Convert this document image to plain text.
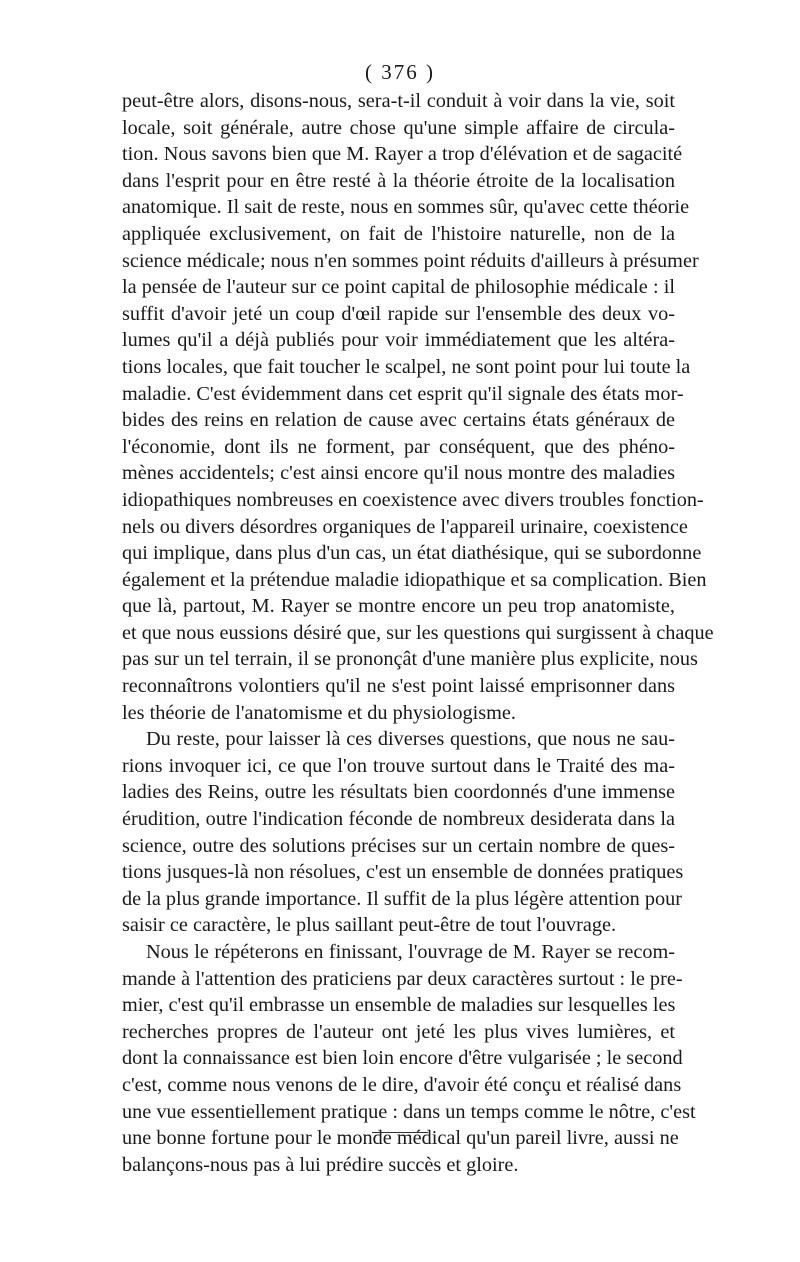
( 376 )
peut-être alors, disons-nous, sera-t-il conduit à voir dans la vie, soit
locale, soit générale, autre chose qu'une simple affaire de circula-
tion. Nous savons bien que M. Rayer a trop d'élévation et de sagacité
dans l'esprit pour en être resté à la théorie étroite de la localisation
anatomique. Il sait de reste, nous en sommes sûr, qu'avec cette théorie
appliquée exclusivement, on fait de l'histoire naturelle, non de la
science médicale; nous n'en sommes point réduits d'ailleurs à présumer
la pensée de l'auteur sur ce point capital de philosophie médicale : il
suffit d'avoir jeté un coup d'œil rapide sur l'ensemble des deux vo-
lumes qu'il a déjà publiés pour voir immédiatement que les altéra-
tions locales, que fait toucher le scalpel, ne sont point pour lui toute la
maladie. C'est évidemment dans cet esprit qu'il signale des états mor-
bides des reins en relation de cause avec certains états généraux de
l'économie, dont ils ne forment, par conséquent, que des phéno-
mènes accidentels; c'est ainsi encore qu'il nous montre des maladies
idiopathiques nombreuses en coexistence avec divers troubles fonction-
nels ou divers désordres organiques de l'appareil urinaire, coexistence
qui implique, dans plus d'un cas, un état diathésique, qui se subordonne
également et la prétendue maladie idiopathique et sa complication. Bien
que là, partout, M. Rayer se montre encore un peu trop anatomiste,
et que nous eussions désiré que, sur les questions qui surgissent à chaque
pas sur un tel terrain, il se prononçât d'une manière plus explicite, nous
reconnaîtrons volontiers qu'il ne s'est point laissé emprisonner dans
les théorie de l'anatomisme et du physiologisme.
Du reste, pour laisser là ces diverses questions, que nous ne sau-
rions invoquer ici, ce que l'on trouve surtout dans le Traité des ma-
ladies des Reins, outre les résultats bien coordonnés d'une immense
érudition, outre l'indication féconde de nombreux desiderata dans la
science, outre des solutions précises sur un certain nombre de ques-
tions jusques-là non résolues, c'est un ensemble de données pratiques
de la plus grande importance. Il suffit de la plus légère attention pour
saisir ce caractère, le plus saillant peut-être de tout l'ouvrage.
Nous le répéterons en finissant, l'ouvrage de M. Rayer se recom-
mande à l'attention des praticiens par deux caractères surtout : le pre-
mier, c'est qu'il embrasse un ensemble de maladies sur lesquelles les
recherches propres de l'auteur ont jeté les plus vives lumières, et
dont la connaissance est bien loin encore d'être vulgarisée ; le second
c'est, comme nous venons de le dire, d'avoir été conçu et réalisé dans
une vue essentiellement pratique : dans un temps comme le nôtre, c'est
une bonne fortune pour le monde médical qu'un pareil livre, aussi ne
balançons-nous pas à lui prédire succès et gloire.
